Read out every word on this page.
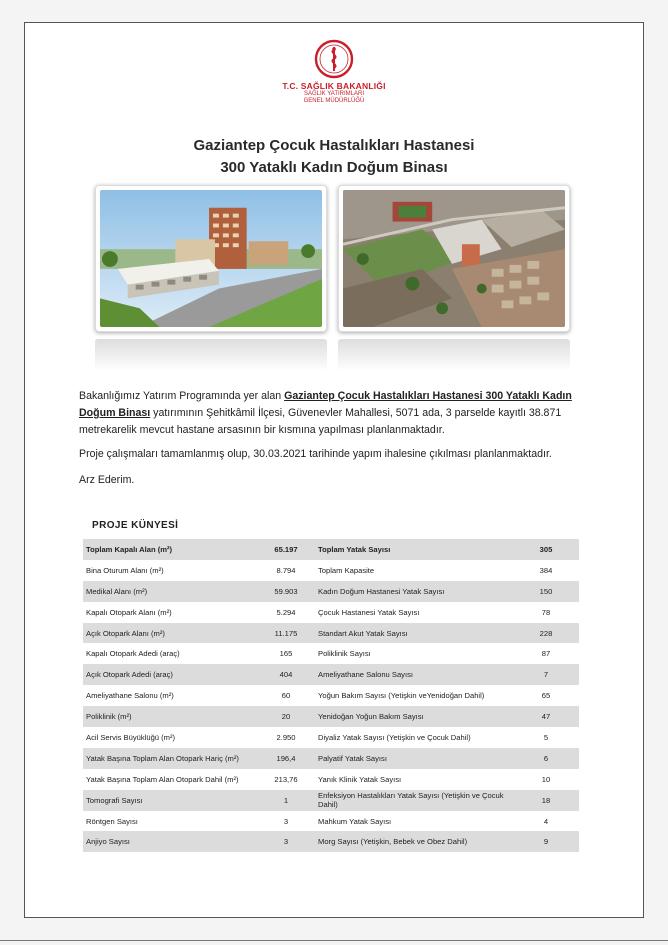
T.C. SAĞLIK BAKANLIĞI
SAĞLIK YATIRIMLARI
GENEL MÜDÜRLÜĞÜ
Gaziantep Çocuk Hastalıkları Hastanesi
300 Yataklı Kadın Doğum Binası
Bakanlığımız Yatırım Programında yer alan Gaziantep Çocuk Hastalıkları Hastanesi 300 Yataklı Kadın Doğum Binası yatırımının Şehitkâmil İlçesi, Güvenevler Mahallesi, 5071 ada, 3 parselde kayıtlı 38.871 metrekarelik mevcut hastane arsasının bir kısmına yapılması planlanmaktadır.
Proje çalışmaları tamamlanmış olup, 30.03.2021 tarihinde yapım ihalesine çıkılması planlanmaktadır.
Arz Ederim.
PROJE KÜNYESİ
Toplam Kapalı Alan (m²)	65.197	Toplam Yatak Sayısı	305
Bina Oturum Alanı (m²)	8.794	Toplam Kapasite	384
Medikal Alanı (m²)	59.903	Kadın Doğum Hastanesi Yatak Sayısı	150
Kapalı Otopark Alanı (m²)	5.294	Çocuk Hastanesi Yatak Sayısı	78
Açık Otopark Alanı (m²)	11.175	Standart Akut Yatak Sayısı	228
Kapalı Otopark Adedi (araç)	165	Poliklinik Sayısı	87
Açık Otopark Adedi (araç)	404	Ameliyathane Salonu Sayısı	7
Ameliyathane Salonu (m²)	60	Yoğun Bakım Sayısı (Yetişkin veYenidoğan Dahil)	65
Poliklinik (m²)	20	Yenidoğan Yoğun Bakım Sayısı	47
Acil Servis Büyüklüğü (m²)	2.950	Diyaliz Yatak Sayısı (Yetişkin ve Çocuk Dahil)	5
Yatak Başına Toplam Alan Otopark Hariç (m²)	196,4	Palyatif Yatak Sayısı	6
Yatak Başına Toplam Alan Otopark Dahil (m²)	213,76	Yanık Klinik Yatak Sayısı	10
Tomografi Sayısı	1	Enfeksiyon Hastalıkları Yatak Sayısı (Yetişkin ve Çocuk Dahil)	18
Röntgen Sayısı	3	Mahkum Yatak Sayısı	4
Anjiyo Sayısı	3	Morg Sayısı (Yetişkin, Bebek ve Obez Dahil)	9
